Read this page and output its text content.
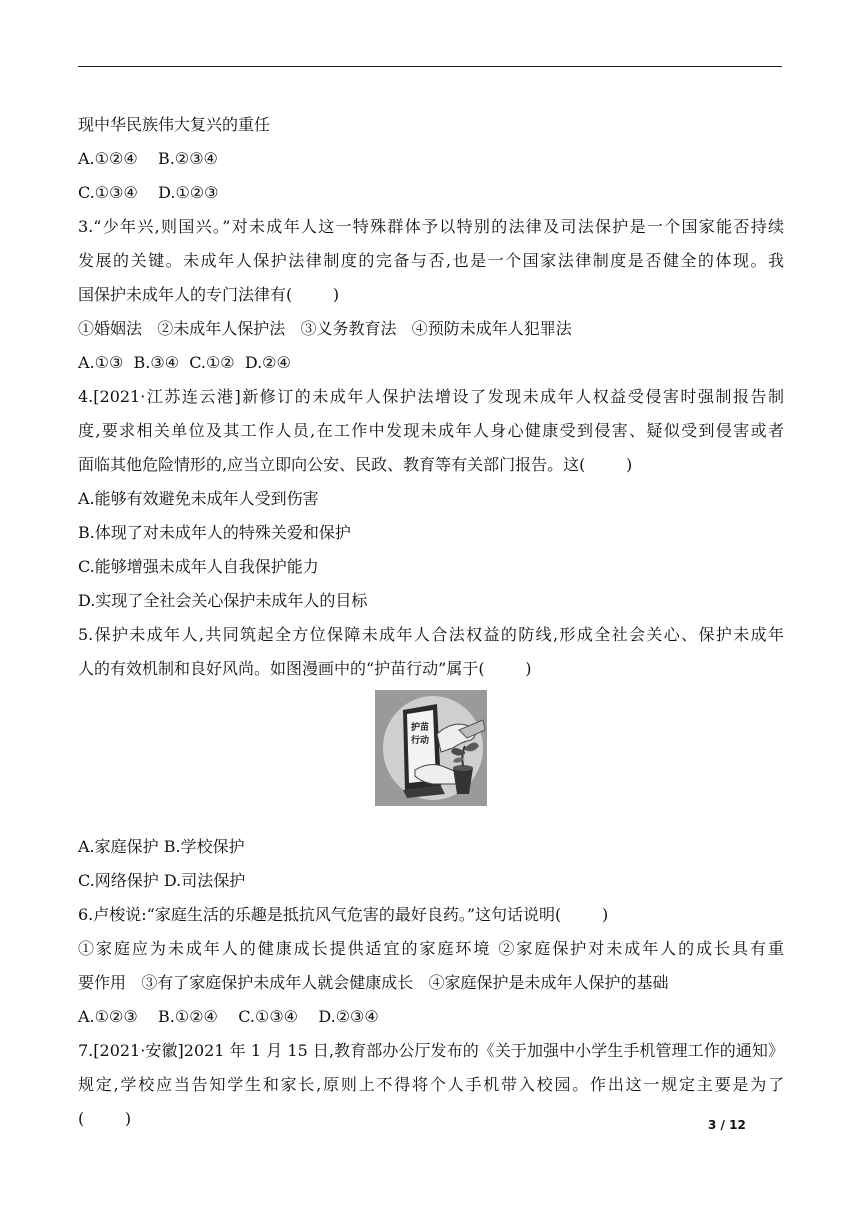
现中华民族伟大复兴的重任
A.①②④    B.②③④
C.①③④    D.①②③
3.“少年兴,则国兴。”对未成年人这一特殊群体予以特别的法律及司法保护是一个国家能否持续
发展的关键。未成年人保护法律制度的完备与否,也是一个国家法律制度是否健全的体现。我
国保护未成年人的专门法律有(        )
①婚姻法   ②未成年人保护法   ③义务教育法   ④预防未成年人犯罪法
A.①③  B.③④  C.①②  D.②④
4.[2021·江苏连云港]新修订的未成年人保护法增设了发现未成年人权益受侵害时强制报告制
度,要求相关单位及其工作人员,在工作中发现未成年人身心健康受到侵害、疑似受到侵害或者
面临其他危险情形的,应当立即向公安、民政、教育等有关部门报告。这(        )
A.能够有效避免未成年人受到伤害
B.体现了对未成年人的特殊关爱和保护
C.能够增强未成年人自我保护能力
D.实现了全社会关心保护未成年人的目标
5.保护未成年人,共同筑起全方位保障未成年人合法权益的防线,形成全社会关心、保护未成年
人的有效机制和良好风尚。如图漫画中的“护苗行动”属于(        )
护苗
行动
A.家庭保护 B.学校保护
C.网络保护 D.司法保护
6.卢梭说:“家庭生活的乐趣是抵抗风气危害的最好良药。”这句话说明(        )
①家庭应为未成年人的健康成长提供适宜的家庭环境 ②家庭保护对未成年人的成长具有重
要作用   ③有了家庭保护未成年人就会健康成长   ④家庭保护是未成年人保护的基础
A.①②③    B.①②④    C.①③④    D.②③④
7.[2021·安徽]2021 年 1 月 15 日,教育部办公厅发布的《关于加强中小学生手机管理工作的通知》
规定,学校应当告知学生和家长,原则上不得将个人手机带入校园。作出这一规定主要是为了
(        )	3 / 12
